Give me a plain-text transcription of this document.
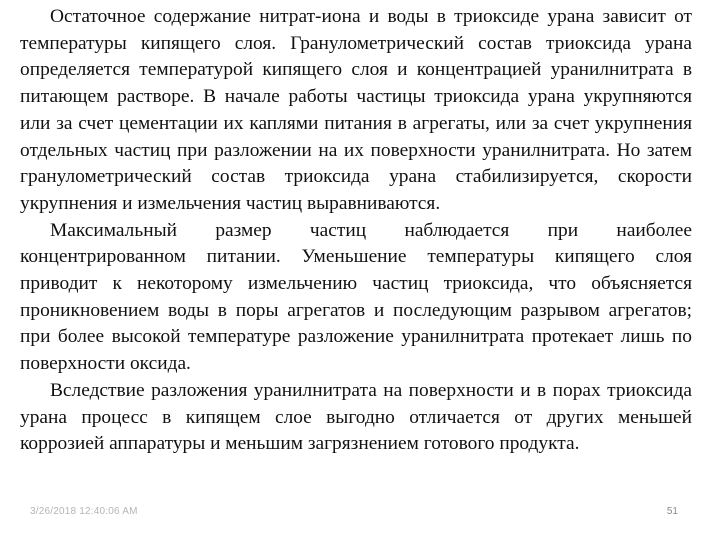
Остаточное содержание нитрат-иона и воды в триоксиде урана зависит от температуры кипящего слоя. Гранулометрический состав триоксида урана определяется температурой кипящего слоя и концентрацией уранилнитрата в питающем растворе. В начале работы частицы триоксида урана укрупняются или за счет цементации их каплями питания в агрегаты, или за счет укрупнения отдельных частиц при разложении на их поверхности уранилнитрата. Но затем гранулометрический состав триоксида урана стабилизируется, скорости укрупнения и измельчения частиц выравниваются.

Максимальный размер частиц наблюдается при наиболее концентрированном питании. Уменьшение температуры кипящего слоя приводит к некоторому измельчению частиц триоксида, что объясняется проникновением воды в поры агрегатов и последующим разрывом агрегатов; при более высокой температуре разложение уранилнитрата протекает лишь по поверхности оксида.

Вследствие разложения уранилнитрата на поверхности и в порах триоксида урана процесс в кипящем слое выгодно отличается от других меньшей коррозией аппаратуры и меньшим загрязнением готового продукта.

3/26/2018 12:40:06 AM	51
